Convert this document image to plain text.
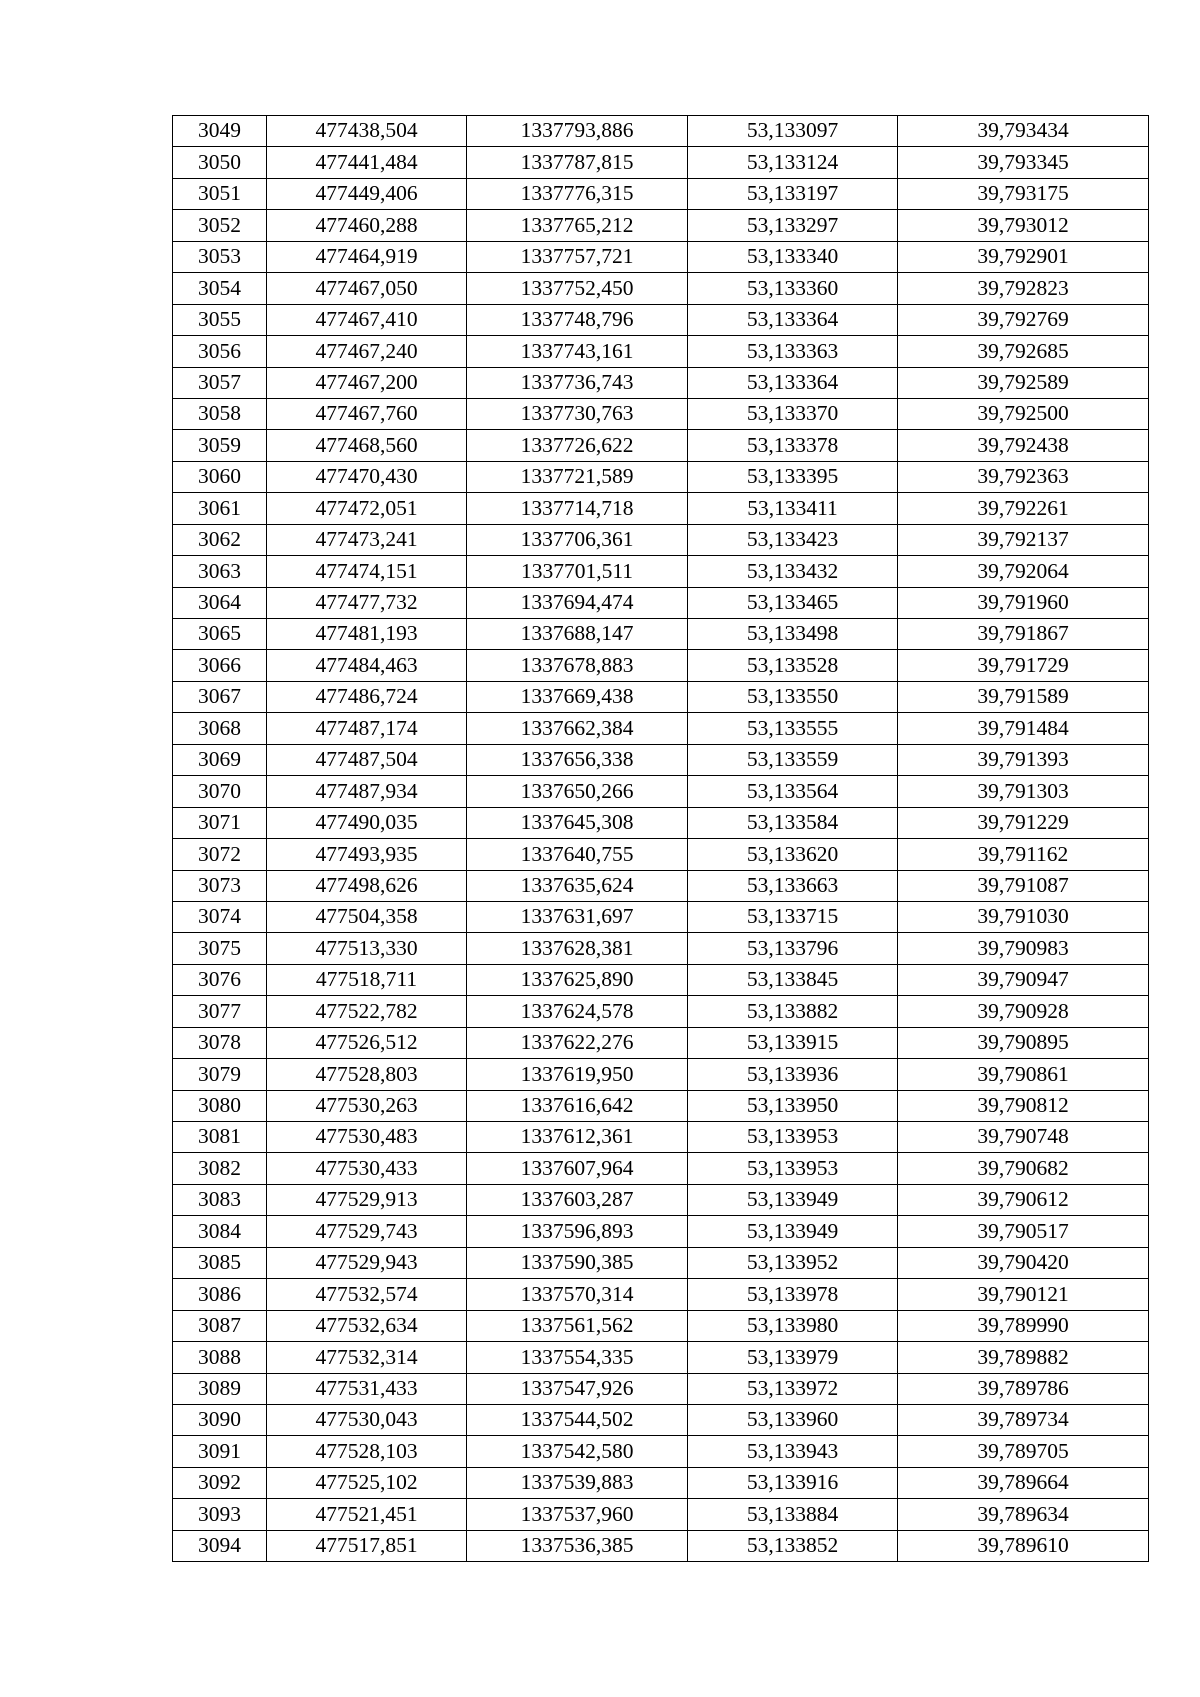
3049	477438,504	1337793,886	53,133097	39,793434
3050	477441,484	1337787,815	53,133124	39,793345
3051	477449,406	1337776,315	53,133197	39,793175
3052	477460,288	1337765,212	53,133297	39,793012
3053	477464,919	1337757,721	53,133340	39,792901
3054	477467,050	1337752,450	53,133360	39,792823
3055	477467,410	1337748,796	53,133364	39,792769
3056	477467,240	1337743,161	53,133363	39,792685
3057	477467,200	1337736,743	53,133364	39,792589
3058	477467,760	1337730,763	53,133370	39,792500
3059	477468,560	1337726,622	53,133378	39,792438
3060	477470,430	1337721,589	53,133395	39,792363
3061	477472,051	1337714,718	53,133411	39,792261
3062	477473,241	1337706,361	53,133423	39,792137
3063	477474,151	1337701,511	53,133432	39,792064
3064	477477,732	1337694,474	53,133465	39,791960
3065	477481,193	1337688,147	53,133498	39,791867
3066	477484,463	1337678,883	53,133528	39,791729
3067	477486,724	1337669,438	53,133550	39,791589
3068	477487,174	1337662,384	53,133555	39,791484
3069	477487,504	1337656,338	53,133559	39,791393
3070	477487,934	1337650,266	53,133564	39,791303
3071	477490,035	1337645,308	53,133584	39,791229
3072	477493,935	1337640,755	53,133620	39,791162
3073	477498,626	1337635,624	53,133663	39,791087
3074	477504,358	1337631,697	53,133715	39,791030
3075	477513,330	1337628,381	53,133796	39,790983
3076	477518,711	1337625,890	53,133845	39,790947
3077	477522,782	1337624,578	53,133882	39,790928
3078	477526,512	1337622,276	53,133915	39,790895
3079	477528,803	1337619,950	53,133936	39,790861
3080	477530,263	1337616,642	53,133950	39,790812
3081	477530,483	1337612,361	53,133953	39,790748
3082	477530,433	1337607,964	53,133953	39,790682
3083	477529,913	1337603,287	53,133949	39,790612
3084	477529,743	1337596,893	53,133949	39,790517
3085	477529,943	1337590,385	53,133952	39,790420
3086	477532,574	1337570,314	53,133978	39,790121
3087	477532,634	1337561,562	53,133980	39,789990
3088	477532,314	1337554,335	53,133979	39,789882
3089	477531,433	1337547,926	53,133972	39,789786
3090	477530,043	1337544,502	53,133960	39,789734
3091	477528,103	1337542,580	53,133943	39,789705
3092	477525,102	1337539,883	53,133916	39,789664
3093	477521,451	1337537,960	53,133884	39,789634
3094	477517,851	1337536,385	53,133852	39,789610
